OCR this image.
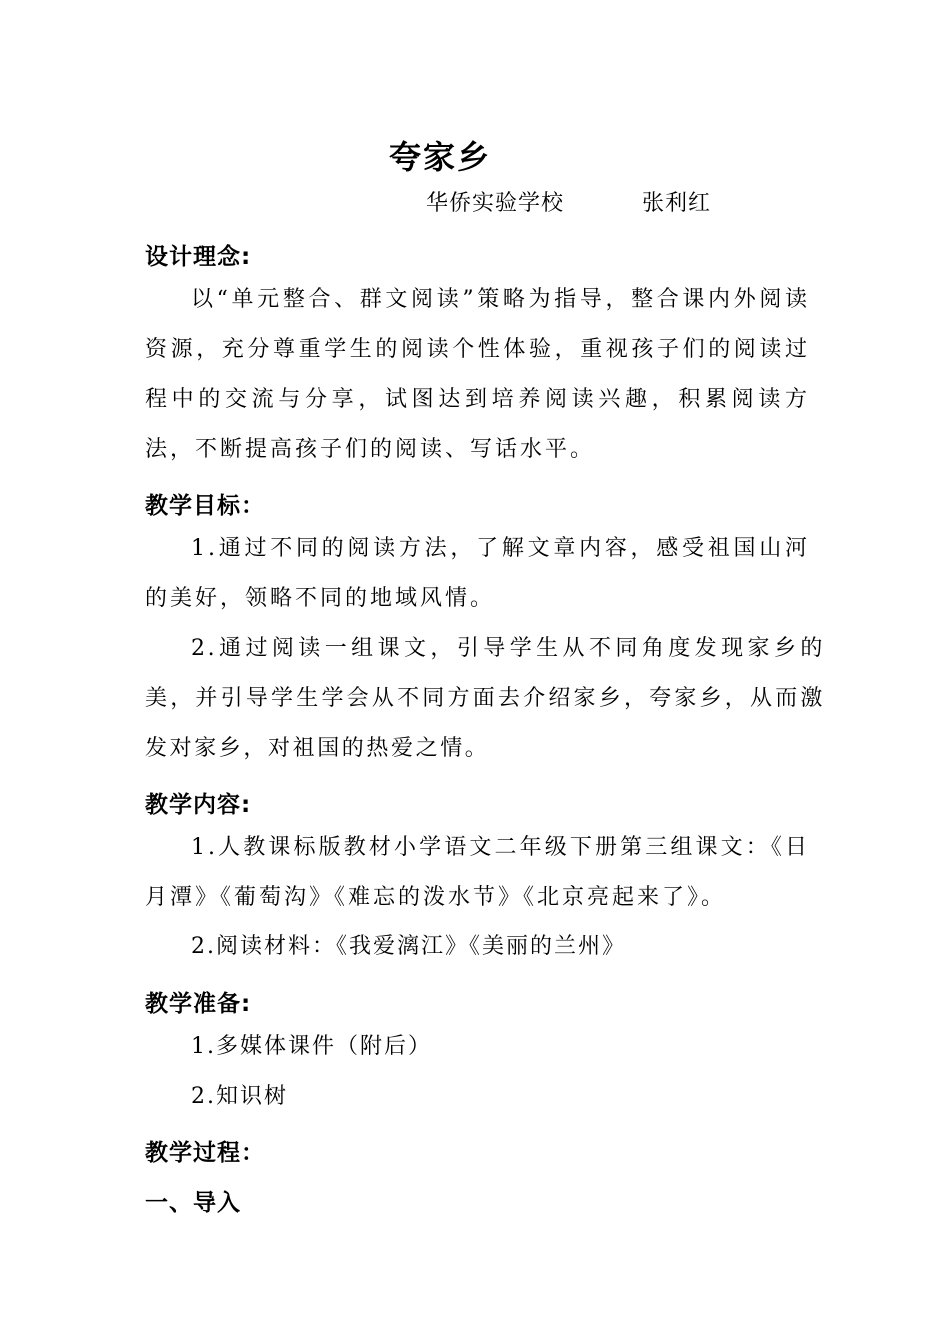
夸家乡
华侨实验学校	张利红
设计理念:
以“单元整合、群文阅读”策略为指导，整合课内外阅读资源，充分尊重学生的阅读个性体验，重视孩子们的阅读过程中的交流与分享，试图达到培养阅读兴趣，积累阅读方法，不断提高孩子们的阅读、写话水平。
教学目标：
1.通过不同的阅读方法，了解文章内容，感受祖国山河的美好，领略不同的地域风情。
2.通过阅读一组课文，引导学生从不同角度发现家乡的美，并引导学生学会从不同方面去介绍家乡，夸家乡，从而激发对家乡，对祖国的热爱之情。
教学内容:
1.人教课标版教材小学语文二年级下册第三组课文：《日月潭》《葡萄沟》《难忘的泼水节》《北京亮起来了》。
2.阅读材料：《我爱漓江》《美丽的兰州》
教学准备:
1.多媒体课件（附后）
2.知识树
教学过程：
一、导入
